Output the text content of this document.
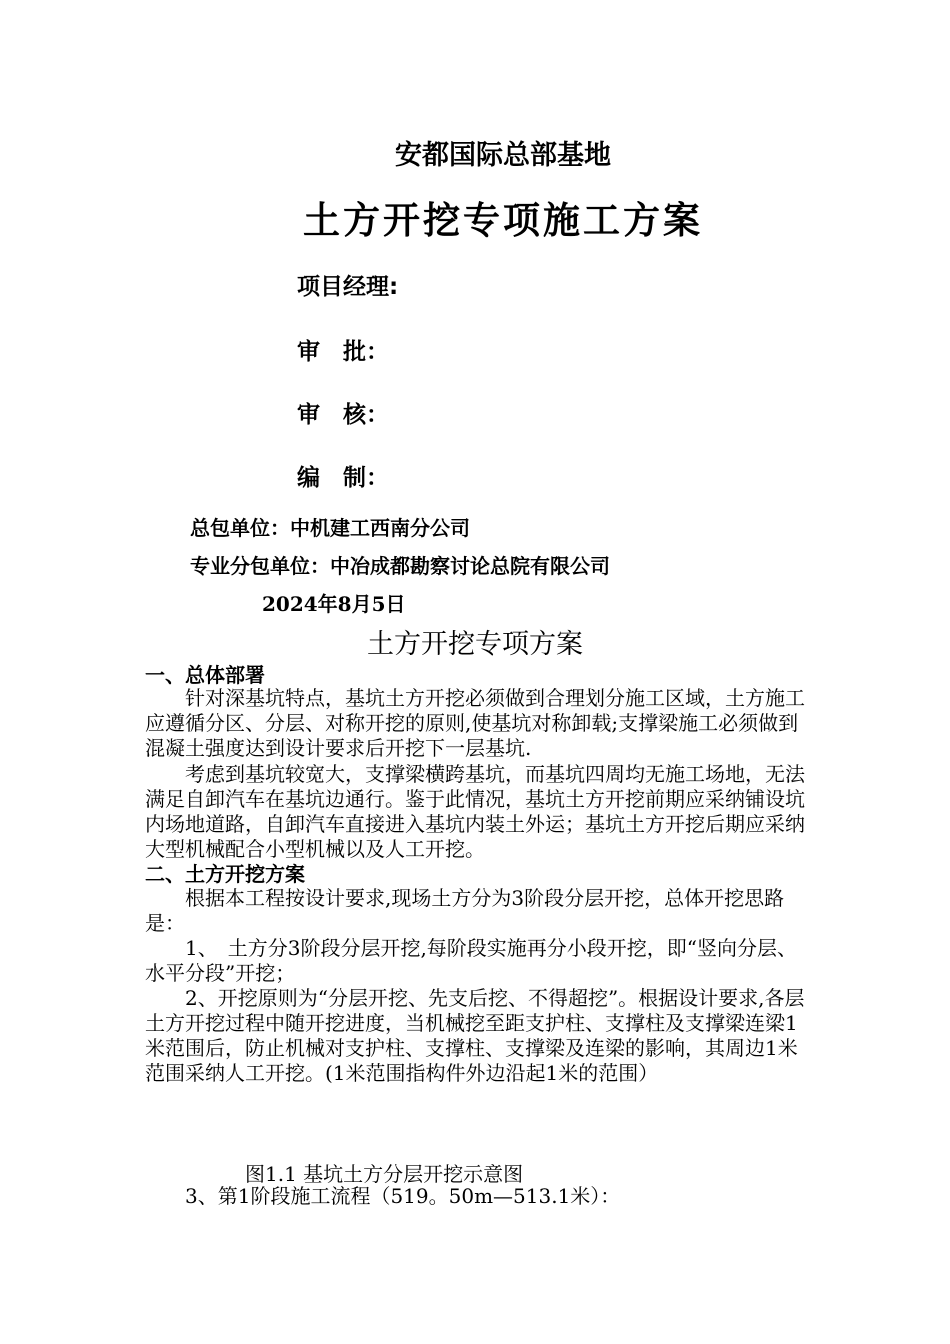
安都国际总部基地
土方开挖专项施工方案
项目经理:
审　批：
审　核：
编　制：
总包单位：中机建工西南分公司
专业分包单位：中冶成都勘察讨论总院有限公司
2024年8月5日
土方开挖专项方案
一、总体部署
针对深基坑特点，基坑土方开挖必须做到合理划分施工区域，土方施工应遵循分区、分层、对称开挖的原则,使基坑对称卸载;支撑梁施工必须做到混凝土强度达到设计要求后开挖下一层基坑.
考虑到基坑较宽大，支撑梁横跨基坑，而基坑四周均无施工场地，无法满足自卸汽车在基坑边通行。鉴于此情况，基坑土方开挖前期应采纳铺设坑内场地道路，自卸汽车直接进入基坑内装土外运；基坑土方开挖后期应采纳大型机械配合小型机械以及人工开挖。
二、土方开挖方案
根据本工程按设计要求,现场土方分为3阶段分层开挖，总体开挖思路是：
1、　土方分3阶段分层开挖,每阶段实施再分小段开挖，即“竖向分层、水平分段”开挖；
2、开挖原则为“分层开挖、先支后挖、不得超挖”。根据设计要求,各层土方开挖过程中随开挖进度，当机械挖至距支护柱、支撑柱及支撑梁连梁1米范围后，防止机械对支护柱、支撑柱、支撑梁及连梁的影响，其周边1米范围采纳人工开挖。(1米范围指构件外边沿起1米的范围）
图1.1 基坑土方分层开挖示意图
3、第1阶段施工流程（519。50m—513.1米）：
